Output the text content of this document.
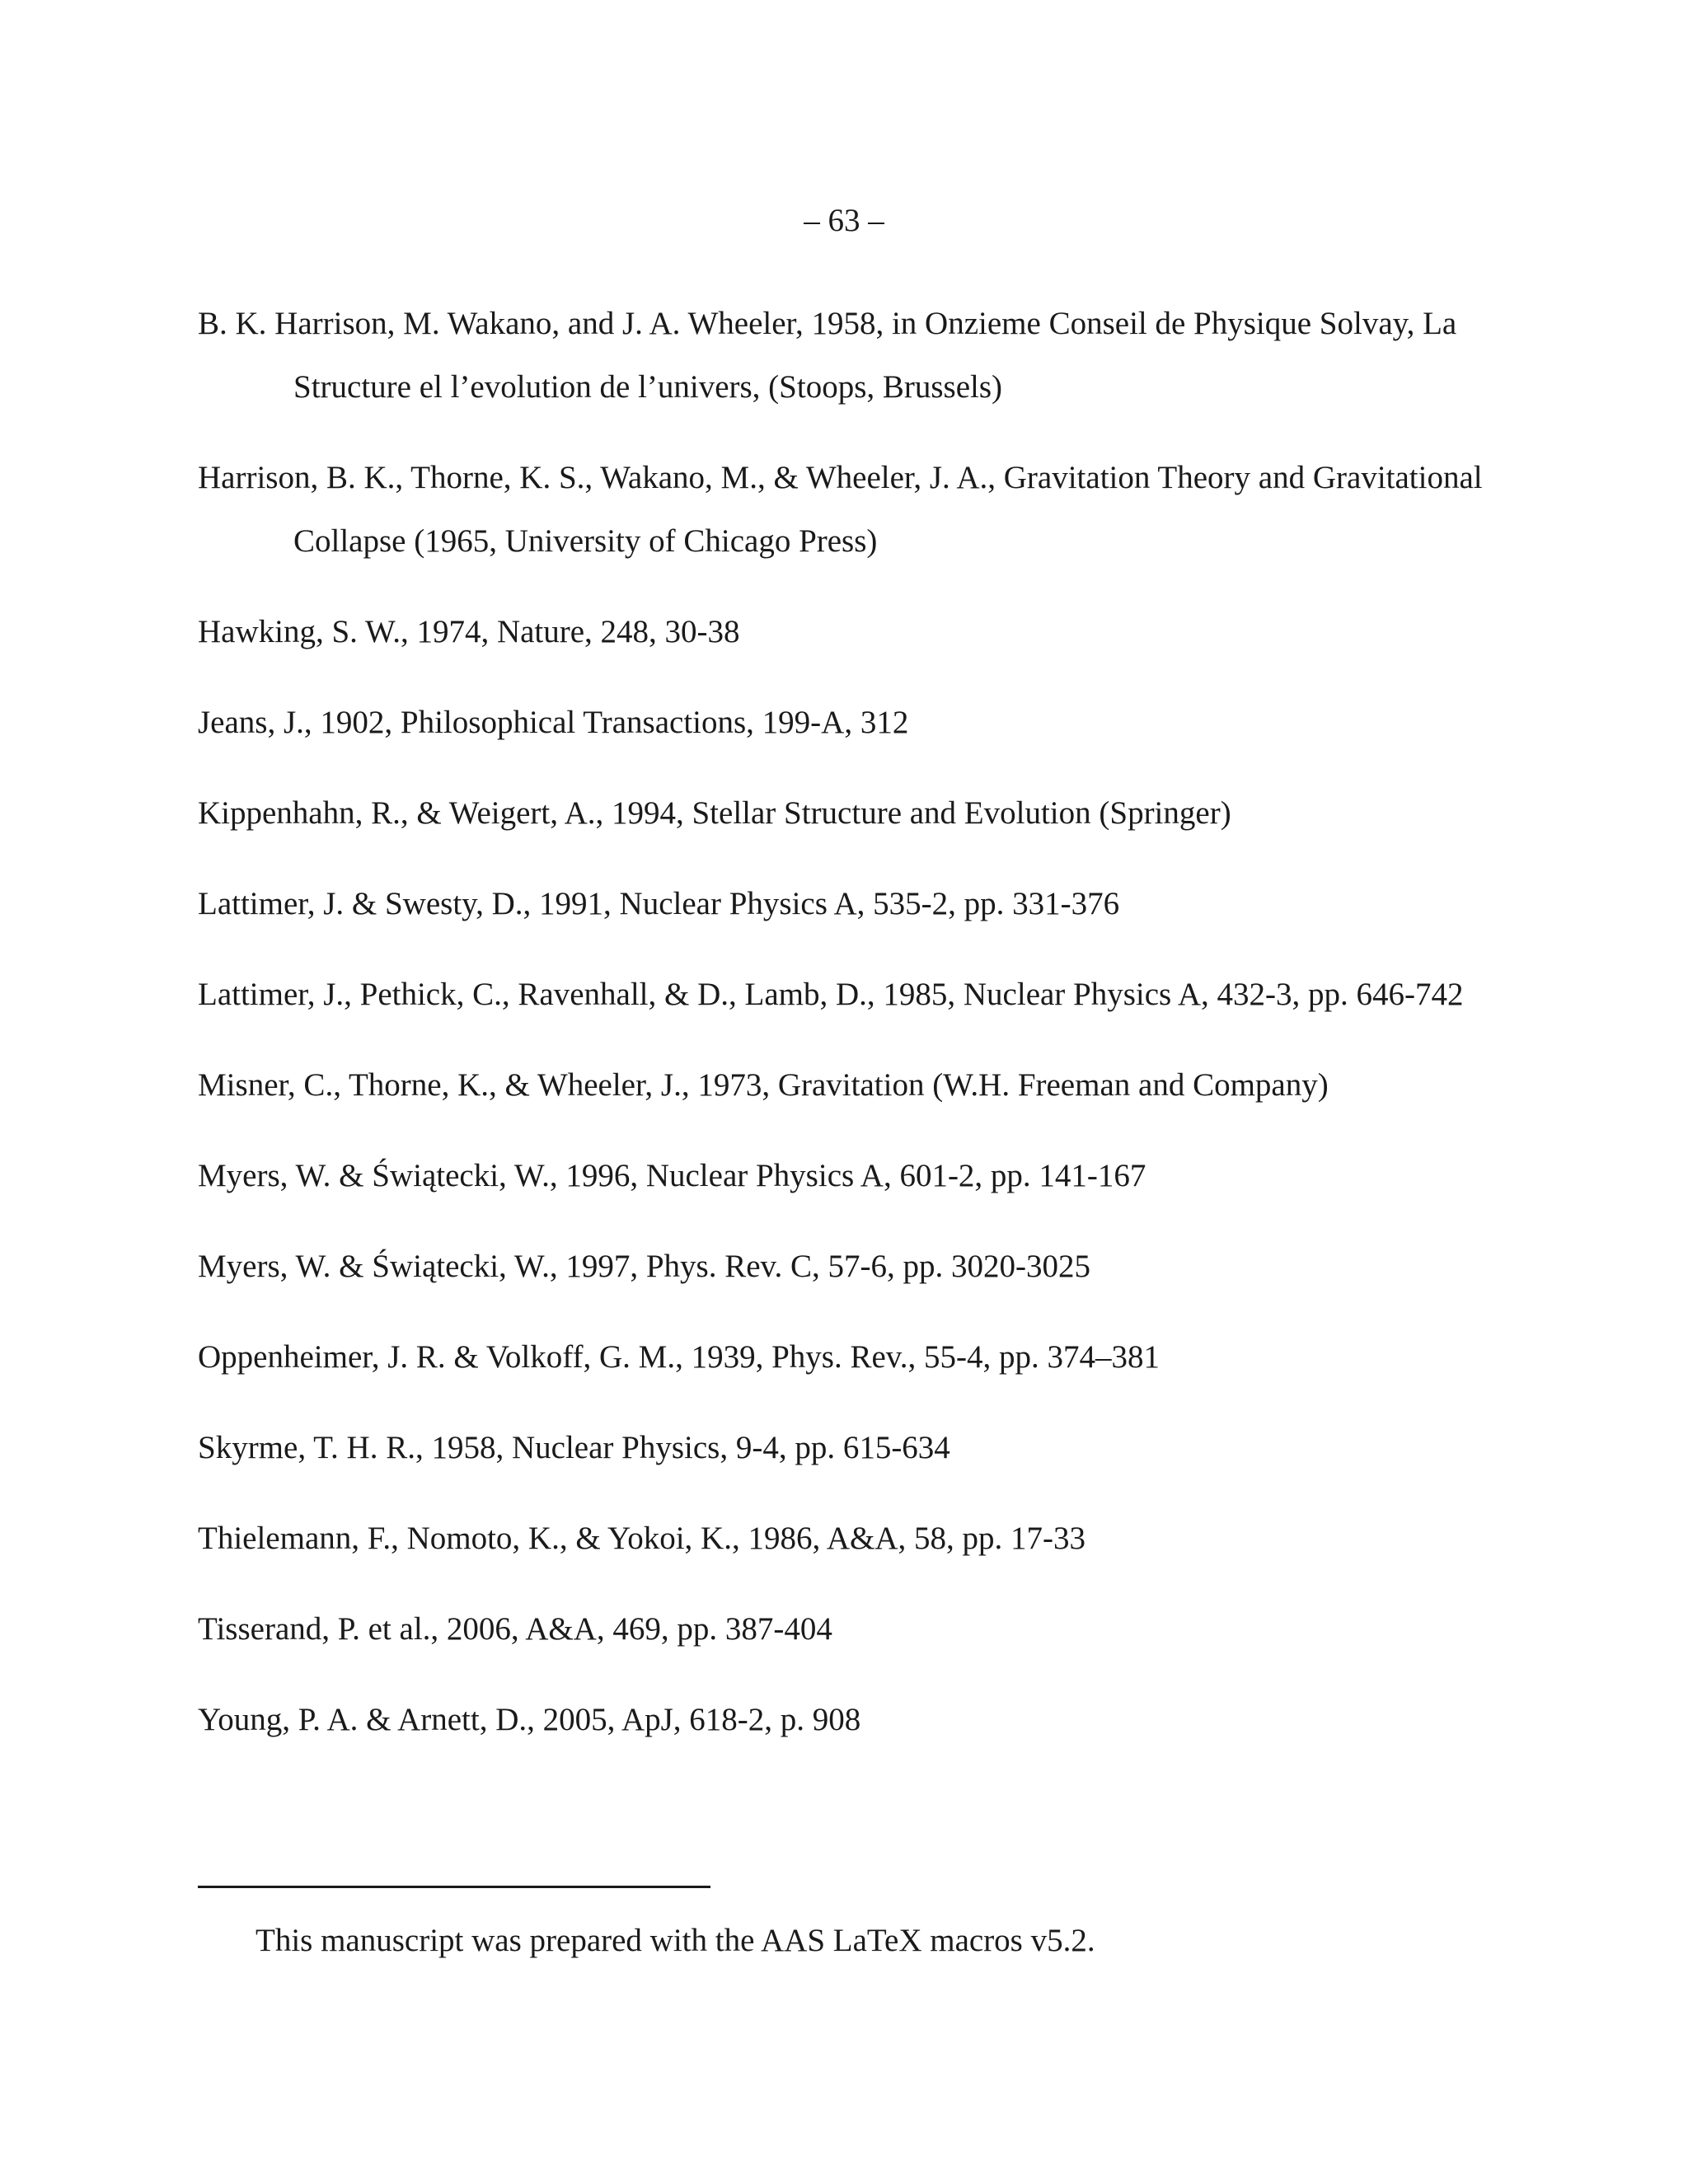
– 63 –
B. K. Harrison, M. Wakano, and J. A. Wheeler, 1958, in Onzieme Conseil de Physique Solvay, La Structure el l’evolution de l’univers, (Stoops, Brussels)
Harrison, B. K., Thorne, K. S., Wakano, M., & Wheeler, J. A., Gravitation Theory and Gravitational Collapse (1965, University of Chicago Press)
Hawking, S. W., 1974, Nature, 248, 30-38
Jeans, J., 1902, Philosophical Transactions, 199-A, 312
Kippenhahn, R., & Weigert, A., 1994, Stellar Structure and Evolution (Springer)
Lattimer, J. & Swesty, D., 1991, Nuclear Physics A, 535-2, pp. 331-376
Lattimer, J., Pethick, C., Ravenhall, & D., Lamb, D., 1985, Nuclear Physics A, 432-3, pp. 646-742
Misner, C., Thorne, K., & Wheeler, J., 1973, Gravitation (W.H. Freeman and Company)
Myers, W. & Świątecki, W., 1996, Nuclear Physics A, 601-2, pp. 141-167
Myers, W. & Świątecki, W., 1997, Phys. Rev. C, 57-6, pp. 3020-3025
Oppenheimer, J. R. & Volkoff, G. M., 1939, Phys. Rev., 55-4, pp. 374–381
Skyrme, T. H. R., 1958, Nuclear Physics, 9-4, pp. 615-634
Thielemann, F., Nomoto, K., & Yokoi, K., 1986, A&A, 58, pp. 17-33
Tisserand, P. et al., 2006, A&A, 469, pp. 387-404
Young, P. A. & Arnett, D., 2005, ApJ, 618-2, p. 908
This manuscript was prepared with the AAS LaTeX macros v5.2.
